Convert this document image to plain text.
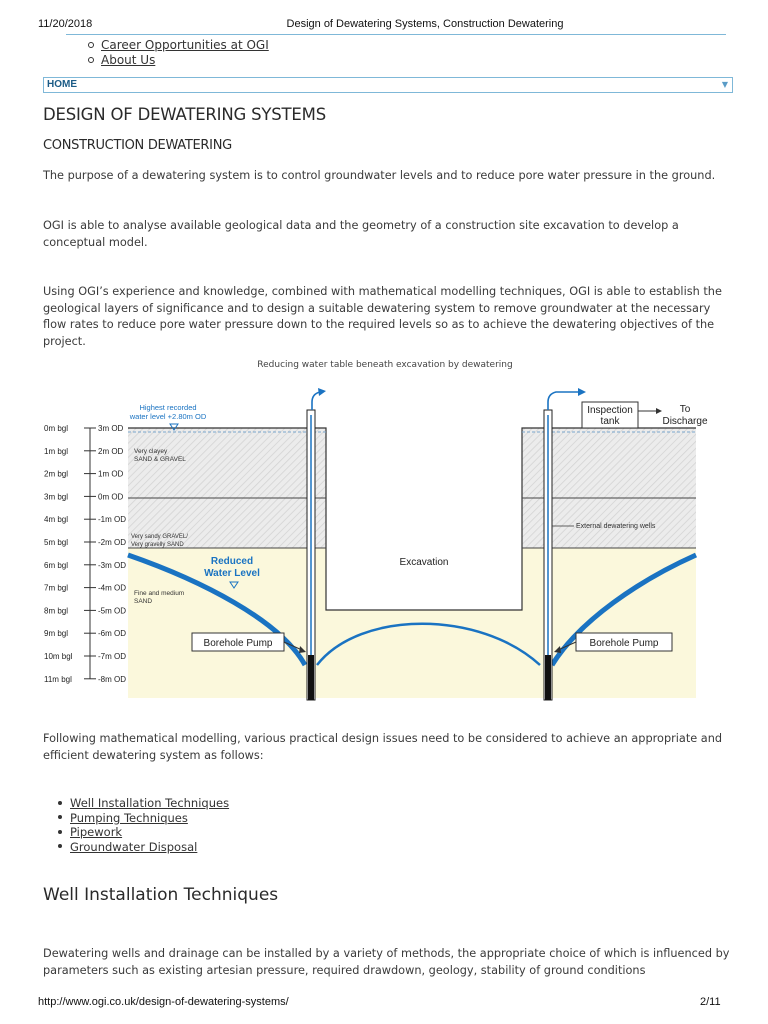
11/20/2018	Design of Dewatering Systems, Construction Dewatering
Career Opportunities at OGI
About Us
HOME	▼
DESIGN OF DEWATERING SYSTEMS
CONSTRUCTION DEWATERING

The purpose of a dewatering system is to control groundwater levels and to reduce pore water pressure in the ground.

OGI is able to analyse available geological data and the geometry of a construction site excavation to develop a conceptual model.

Using OGI’s experience and knowledge, combined with mathematical modelling techniques, OGI is able to establish the geological layers of significance and to design a suitable dewatering system to remove groundwater at the necessary flow rates to reduce pore water pressure down to the required levels so as to achieve the dewatering objectives of the project.

Reducing water table beneath excavation by dewatering
Inspection
tank
To
Discharge
Borehole Pump	Borehole Pump
Highest recorded
water level +2.80m OD
Very clayey
SAND & GRAVEL
Very sandy GRAVEL/
Very gravelly SAND
Fine and medium
SAND
Reduced
Water Level
Excavation
External dewatering wells
0m bgl	3m OD
1m bgl	2m OD
2m bgl	1m OD
3m bgl	0m OD
4m bgl	-1m OD
5m bgl	-2m OD
6m bgl	-3m OD
7m bgl	-4m OD
8m bgl	-5m OD
9m bgl	-6m OD
10m bgl	-7m OD
11m bgl	-8m OD

Following mathematical modelling, various practical design issues need to be considered to achieve an appropriate and efficient dewatering system as follows:

Well Installation Techniques
Pumping Techniques
Pipework
Groundwater Disposal
Well Installation Techniques

Dewatering wells and drainage can be installed by a variety of methods, the appropriate choice of which is influenced by parameters such as existing artesian pressure, required drawdown, geology, stability of ground conditions

http://www.ogi.co.uk/design-of-dewatering-systems/	2/11
